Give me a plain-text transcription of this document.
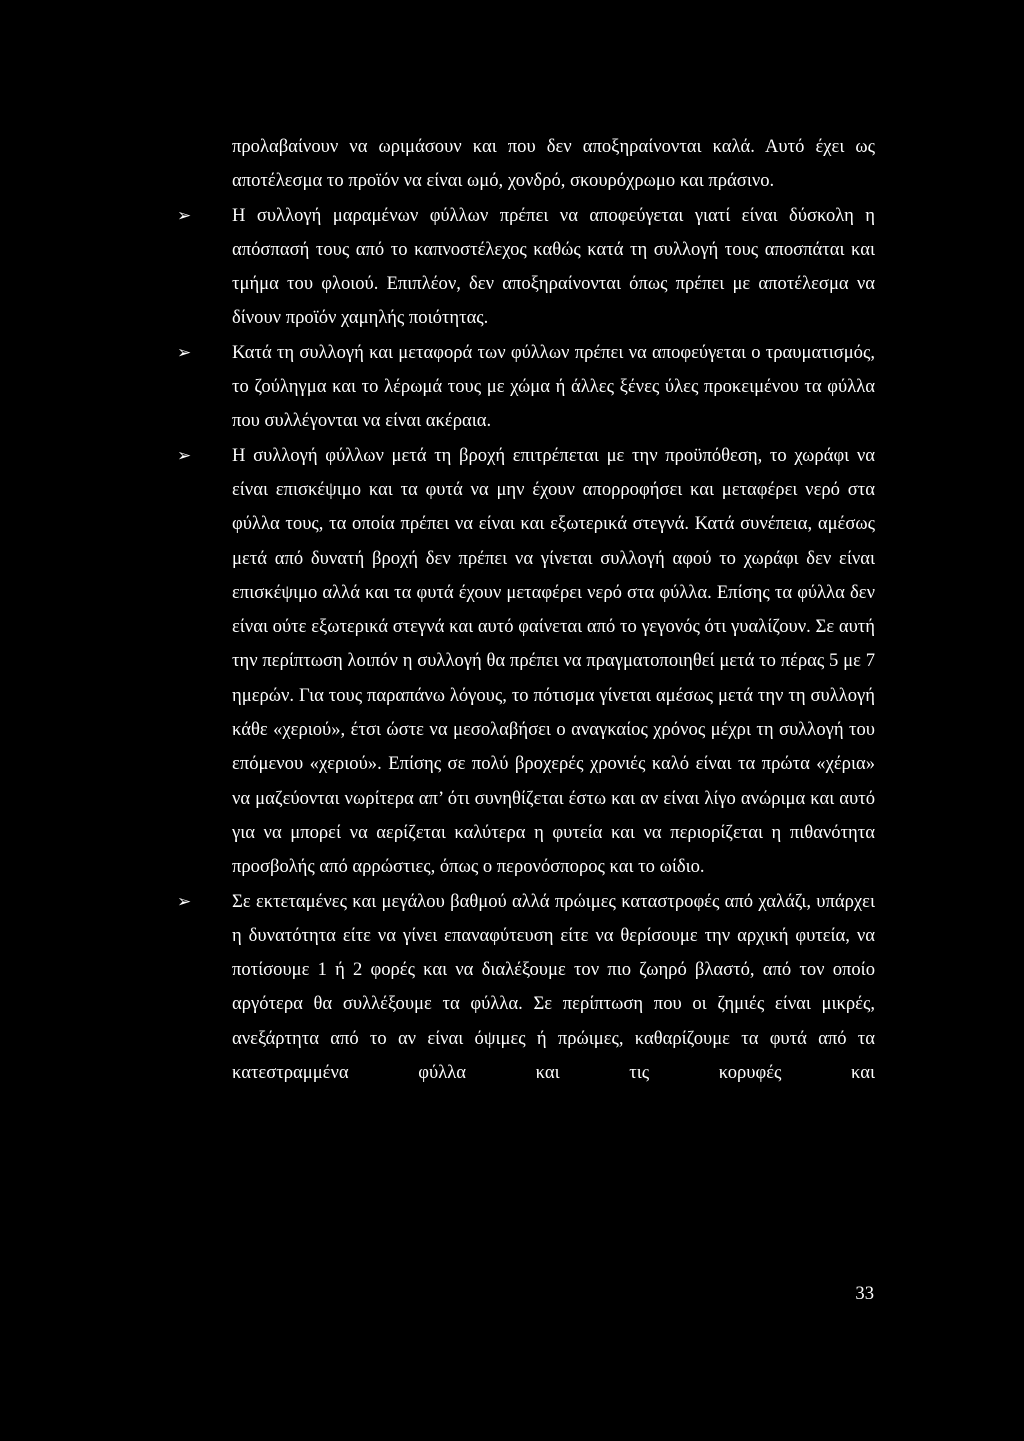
προλαβαίνουν να ωριμάσουν και που δεν αποξηραίνονται καλά. Αυτό έχει ως αποτέλεσμα το προϊόν να είναι ωμό, χονδρό, σκουρόχρωμο και πράσινο.

➢	Η συλλογή μαραμένων φύλλων πρέπει να αποφεύγεται γιατί είναι δύσκολη η απόσπασή τους από το καπνοστέλεχος καθώς κατά τη συλλογή τους αποσπάται και τμήμα του φλοιού. Επιπλέον, δεν αποξηραίνονται όπως πρέπει με αποτέλεσμα να δίνουν προϊόν χαμηλής ποιότητας.

➢	Κατά τη συλλογή και μεταφορά των φύλλων πρέπει να αποφεύγεται ο τραυματισμός, το ζούληγμα και το λέρωμά τους με χώμα ή άλλες ξένες ύλες προκειμένου τα φύλλα που συλλέγονται να είναι ακέραια.

➢	Η συλλογή φύλλων μετά τη βροχή επιτρέπεται με την προϋπόθεση, το χωράφι να είναι επισκέψιμο και τα φυτά να μην έχουν απορροφήσει και μεταφέρει νερό στα φύλλα τους, τα οποία πρέπει να είναι και εξωτερικά στεγνά. Κατά συνέπεια, αμέσως μετά από δυνατή βροχή δεν πρέπει να γίνεται συλλογή αφού το χωράφι δεν είναι επισκέψιμο αλλά και τα φυτά έχουν μεταφέρει νερό στα φύλλα. Επίσης τα φύλλα δεν είναι ούτε εξωτερικά στεγνά και αυτό φαίνεται από το γεγονός ότι γυαλίζουν. Σε αυτή την περίπτωση λοιπόν η συλλογή θα πρέπει να πραγματοποιηθεί μετά το πέρας 5 με 7 ημερών. Για τους παραπάνω λόγους, το πότισμα γίνεται αμέσως μετά την τη συλλογή κάθε «χεριού», έτσι ώστε να μεσολαβήσει ο αναγκαίος χρόνος μέχρι τη συλλογή του επόμενου «χεριού». Επίσης σε πολύ βροχερές χρονιές καλό είναι τα πρώτα «χέρια» να μαζεύονται νωρίτερα απ’ ότι συνηθίζεται έστω και αν είναι λίγο ανώριμα και αυτό για να μπορεί να αερίζεται καλύτερα η φυτεία και να περιορίζεται η πιθανότητα προσβολής από αρρώστιες, όπως ο περονόσπορος και το ωίδιο.

➢	Σε εκτεταμένες και μεγάλου βαθμού αλλά πρώιμες καταστροφές από χαλάζι, υπάρχει η δυνατότητα είτε να γίνει επαναφύτευση είτε να θερίσουμε την αρχική φυτεία, να ποτίσουμε 1 ή 2 φορές και να διαλέξουμε τον πιο ζωηρό βλαστό, από τον οποίο αργότερα θα συλλέξουμε τα φύλλα. Σε περίπτωση που οι ζημιές είναι μικρές, ανεξάρτητα από το αν είναι όψιμες ή πρώιμες, καθαρίζουμε τα φυτά από τα κατεστραμμένα φύλλα και τις κορυφές και

33
